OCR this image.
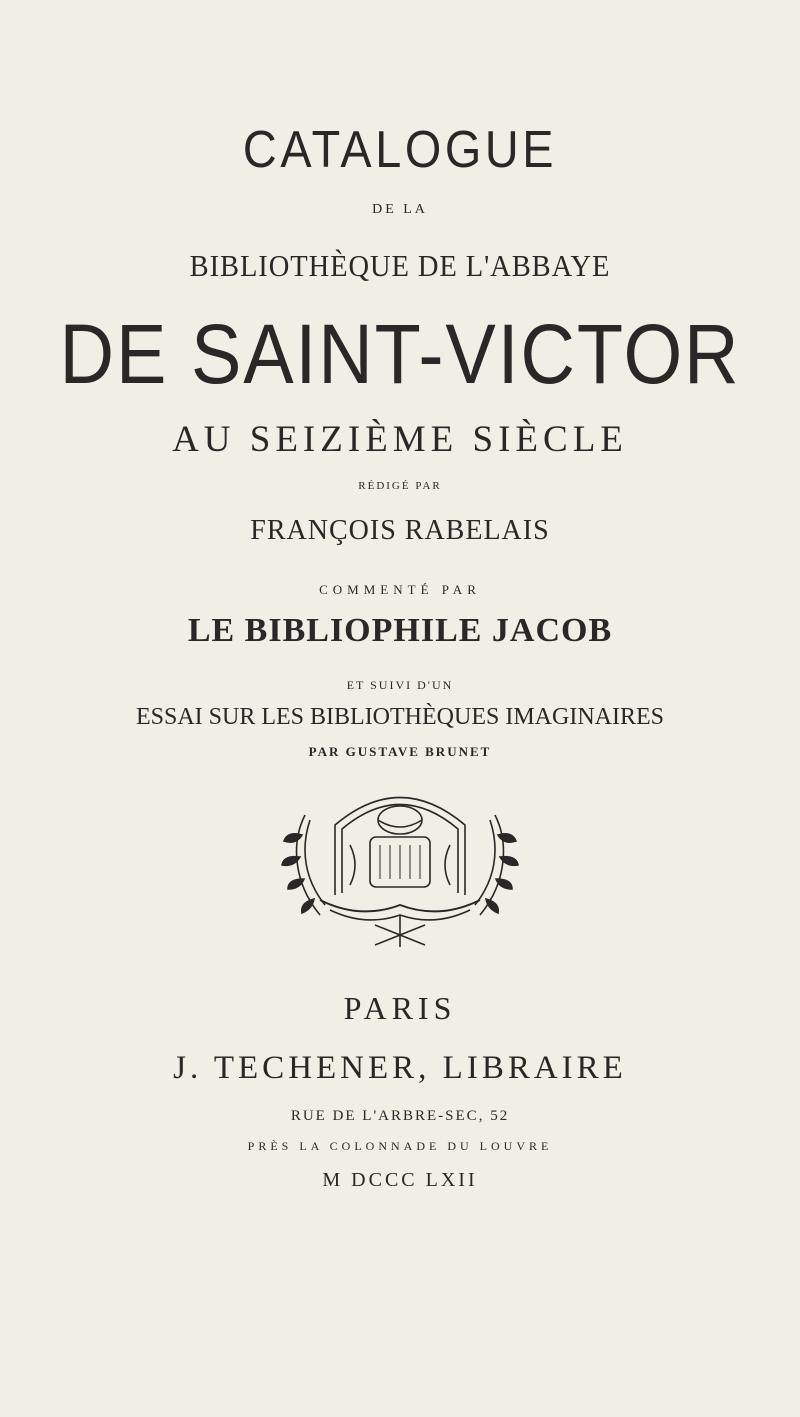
CATALOGUE
DE LA
BIBLIOTHÈQUE DE L'ABBAYE
DE SAINT-VICTOR
AU SEIZIÈME SIÈCLE
RÉDIGÉ PAR
FRANÇOIS RABELAIS
COMMENTÉ PAR
LE BIBLIOPHILE JACOB
ET SUIVI D'UN
ESSAI SUR LES BIBLIOTHÈQUES IMAGINAIRES
PAR GUSTAVE BRUNET
PARIS
J. TECHENER, LIBRAIRE
RUE DE L'ARBRE-SEC, 52
PRÈS LA COLONNADE DU LOUVRE
M DCCC LXII
